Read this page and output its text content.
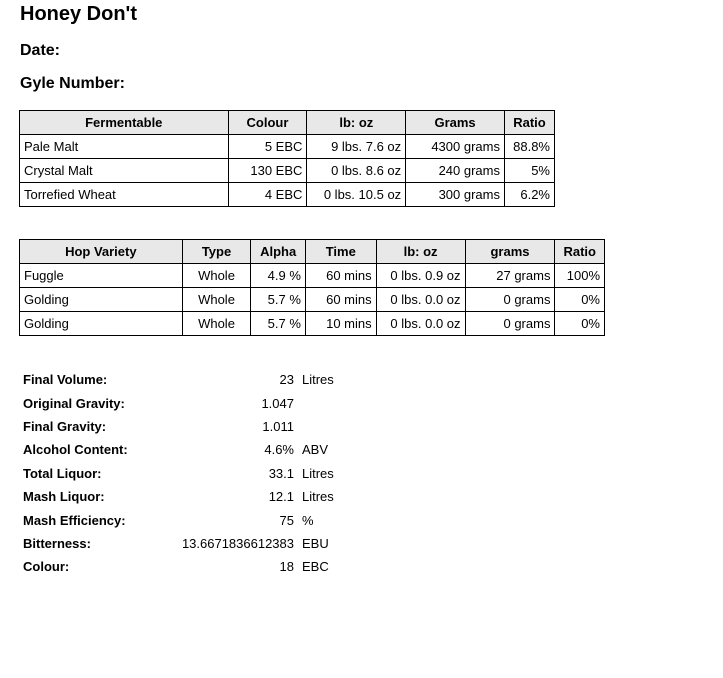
Honey Don't
Date:
Gyle Number:
Fermentable	Colour	lb: oz	Grams	Ratio
Pale Malt	5 EBC	9 lbs. 7.6 oz	4300 grams	88.8%
Crystal Malt	130 EBC	0 lbs. 8.6 oz	240 grams	5%
Torrefied Wheat	4 EBC	0 lbs. 10.5 oz	300 grams	6.2%
Hop Variety	Type	Alpha	Time	lb: oz	grams	Ratio
Fuggle	Whole	4.9 %	60 mins	0 lbs. 0.9 oz	27 grams	100%
Golding	Whole	5.7 %	60 mins	0 lbs. 0.0 oz	0 grams	0%
Golding	Whole	5.7 %	10 mins	0 lbs. 0.0 oz	0 grams	0%
Final Volume:	23	Litres
Original Gravity:	1.047	
Final Gravity:	1.011	
Alcohol Content:	4.6%	ABV
Total Liquor:	33.1	Litres
Mash Liquor:	12.1	Litres
Mash Efficiency:	75	%
Bitterness:	13.6671836612383	EBU
Colour:	18	EBC
